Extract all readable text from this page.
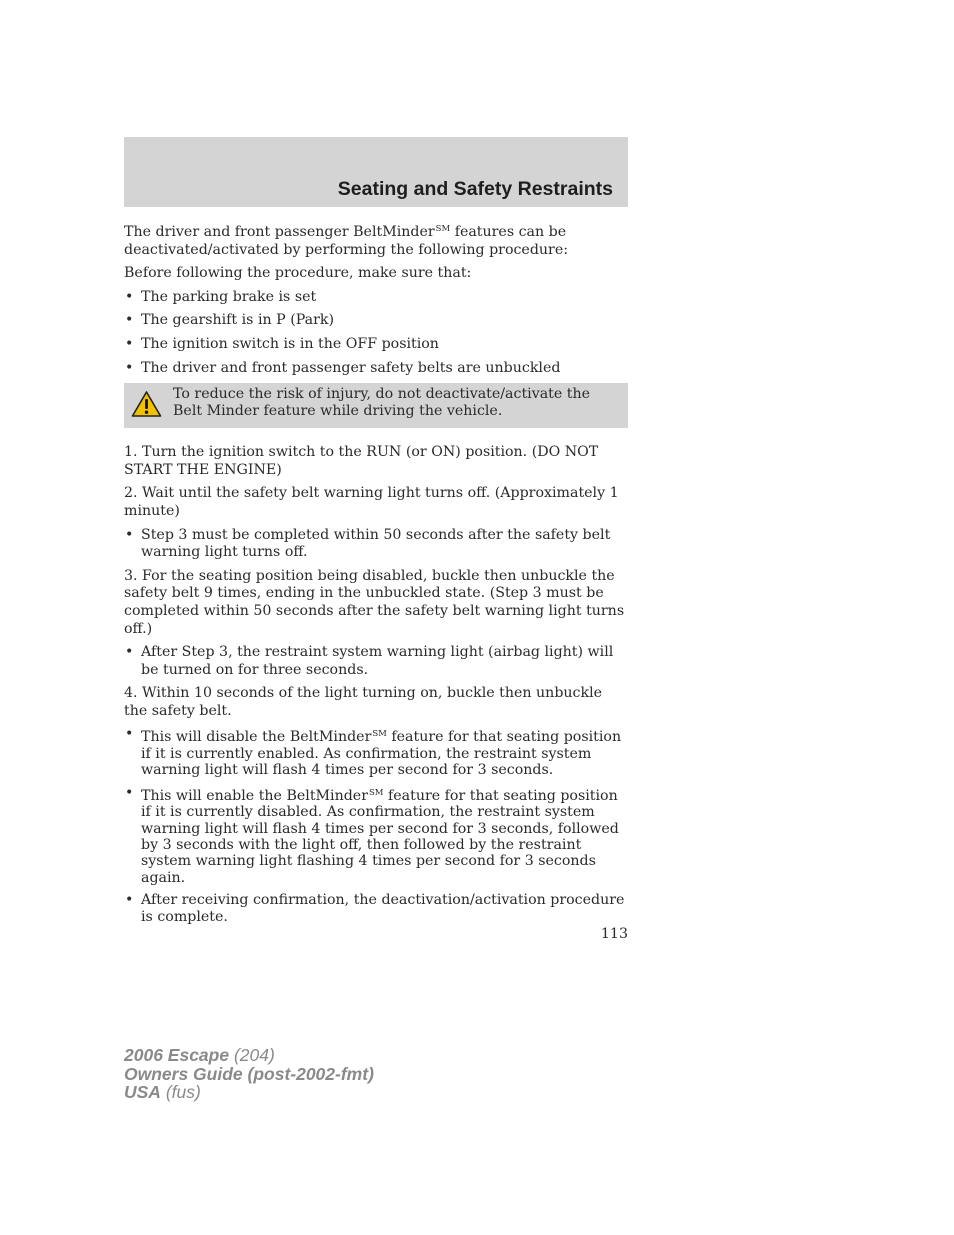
Seating and Safety Restraints

The driver and front passenger BeltMinder℠ features can be deactivated/activated by performing the following procedure:

Before following the procedure, make sure that:

• The parking brake is set
• The gearshift is in P (Park)
• The ignition switch is in the OFF position
• The driver and front passenger safety belts are unbuckled
To reduce the risk of injury, do not deactivate/activate the Belt Minder feature while driving the vehicle.

1. Turn the ignition switch to the RUN (or ON) position. (DO NOT START THE ENGINE)

2. Wait until the safety belt warning light turns off. (Approximately 1 minute)

• Step 3 must be completed within 50 seconds after the safety belt warning light turns off.

3. For the seating position being disabled, buckle then unbuckle the safety belt 9 times, ending in the unbuckled state. (Step 3 must be completed within 50 seconds after the safety belt warning light turns off.)

• After Step 3, the restraint system warning light (airbag light) will be turned on for three seconds.

4. Within 10 seconds of the light turning on, buckle then unbuckle the safety belt.

• This will disable the BeltMinder℠ feature for that seating position if it is currently enabled. As confirmation, the restraint system warning light will flash 4 times per second for 3 seconds.
• This will enable the BeltMinder℠ feature for that seating position if it is currently disabled. As confirmation, the restraint system warning light will flash 4 times per second for 3 seconds, followed by 3 seconds with the light off, then followed by the restraint system warning light flashing 4 times per second for 3 seconds again.
• After receiving confirmation, the deactivation/activation procedure is complete.
113
2006 Escape (204)
Owners Guide (post-2002-fmt)
USA (fus)
